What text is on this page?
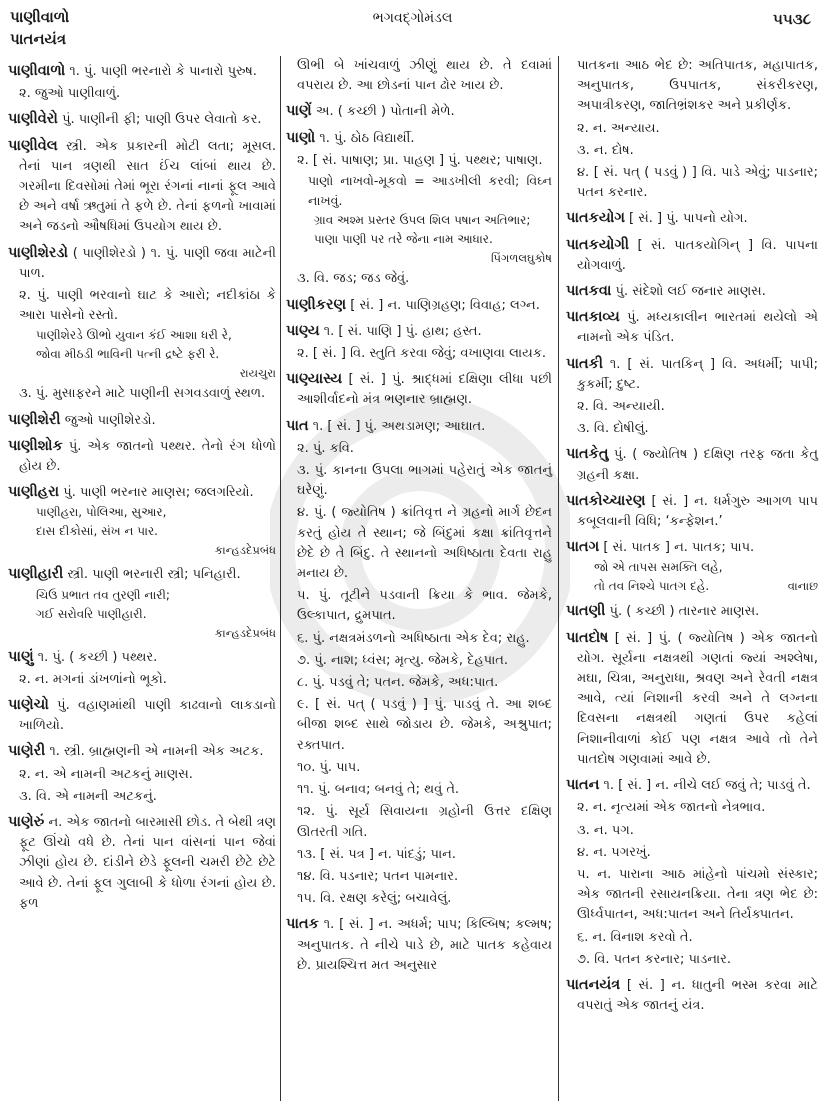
પાણીવાળો
પાતનયંત્ર
ભગવદ્ગોમંડલ	૫૫૩૮

પાણીવાળો ૧. પું. પાણી ભરનારો કે પાનારો પુરુષ.

૨. જુઓ પાણીવાળું.

પાણીવેરો પું. પાણીની ફી; પાણી ઉપર લેવાતો કર.

પાણીવેલ સ્ત્રી. એક પ્રકારની મોટી લતા; મૂસલ. તેનાં પાન ત્રણથી સાત ઈંચ લાંબાં થાય છે. ગરમીના દિવસોમાં તેમાં ભૂરા રંગનાં નાનાં ફૂલ આવે છે અને વર્ષા ઋતુમાં તે ફળે છે. તેનાં ફળનો ખાવામાં અને જડનો ઔષધિમાં ઉપયોગ થાય છે.

પાણીશેરડો ( પાણીશેરડો ) ૧. પું. પાણી જવા માટેની પાળ.

૨. પું. પાણી ભરવાનો ઘાટ કે આરો; નદીકાંઠા કે આરા પાસેનો રસ્તો.

પાણીશેરડે ઊભો યુવાન કંઈ આશા ધરી રે,
જોવા મીઠડી ભાવિની પત્ની દ્રષ્ટે ફરી રે.
રાયચુરા

૩. પું. મુસાફરને માટે પાણીની સગવડવાળું સ્થળ.

પાણીશેરી જુઓ પાણીશેરડો.

પાણીશોક પું. એક જાતનો પથ્થર. તેનો રંગ ધોળો હોય છે.

પાણીહરા પું. પાણી ભરનાર માણસ; જલગરિયો.

પાણીહરા, પોલિઆ, સુઆર,
દાસ દીકોસાં, સંખ ન પાર.
કાન્હડદેપ્રબંધ

પાણીહારી સ્ત્રી. પાણી ભરનારી સ્ત્રી; પનિહારી.

ચિઉ પ્રભાત તવ તુરણી નારી;
ગઈ સરોવરિ પાણીહારી.
કાન્હડદેપ્રબંધ

પાણું ૧. પું. ( કચ્છી ) પથ્થર.

૨. ન. મગનાં ડાંખળાંનો ભૂકો.

પાણેચો પું. વહાણમાંથી પાણી કાઢવાનો લાકડાનો ખાળિયો.

પાણેરી ૧. સ્ત્રી. બ્રાહ્મણની એ નામની એક અટક.

૨. ન. એ નામની અટકનું માણસ.

૩. વિ. એ નામની અટકનું.

પાણેરું ન. એક જાતનો બારમાસી છોડ. તે બેથી ત્રણ ફૂટ ઊંચો વધે છે. તેનાં પાન વાંસનાં પાન જેવાં ઝીણાં હોય છે. દાંડીને છેડે ફૂલની ચમરી છેટે છેટે આવે છે. તેનાં ફૂલ ગુલાબી કે ધોળા રંગનાં હોય છે. ફળ

ઊભી બે ખાંચવાળું ઝીણું થાય છે. તે દવામાં વપરાય છે. આ છોડનાં પાન ઢોર ખાય છે.

પાણેં અ. ( કચ્છી ) પોતાની મેળે.

પાણો ૧. પું. ઠોઠ વિદ્યાર્થી.

૨. [ સં. પાષાણ; પ્રા. પાહણ ] પું. પથ્થર; પાષાણ.

પાણો નાખવો-મૂકવો = આડખીલી કરવી; વિઘ્ન નાખવું.

ગ્રાવ અશ્મ પ્રસ્તર ઉપલ શિલ પષાન અતિભાર;
પાણા પાણી પર તરે જેના નામ આધાર.
પિંગળલઘુકોષ

૩. વિ. જડ; જડ જેવું.

પાણીકરણ [ સં. ] ન. પાણિગ્રહણ; વિવાહ; લગ્ન.

પાણ્ય ૧. [ સં. પાણિ ] પું. હાથ; હસ્ત.

૨. [ સં. ] વિ. સ્તુતિ કરવા જેવું; વખાણવા લાયક.

પાણ્યાસ્ય [ સં. ] પું. શ્રાદ્ધમાં દક્ષિણા લીધા પછી આશીર્વાદનો મંત્ર ભણનાર બ્રાહ્મણ.

પાત ૧. [ સં. ] પું. અથડામણ; આઘાત.

૨. પું. કવિ.

૩. પું. કાનના ઉપલા ભાગમાં પહેરાતું એક જાતનું ઘરેણું.

૪. પું. ( જ્યોતિષ ) ક્રાંતિવૃત્ત ને ગ્રહનો માર્ગ છેદન કરતું હોય તે સ્થાન; જે બિંદુમાં કક્ષા ક્રાંતિવૃત્તને છેદે છે તે બિંદુ. તે સ્થાનનો અધિષ્ઠાતા દેવતા રાહુ મનાય છે.

૫. પું. તૂટીને પડવાની ક્રિયા કે ભાવ. જેમકે, ઉલ્કાપાત, દ્રુમપાત.

૬. પું. નક્ષત્રમંડળનો અધિષ્ઠાતા એક દેવ; રાહુ.

૭. પું. નાશ; ધ્વંસ; મૃત્યુ. જેમકે, દેહપાત.

૮. પું. પડવું તે; પતન. જેમકે, અધ:પાત.

૯. [ સં. પત્ ( પડવું ) ] પું. પાડવું તે. આ શબ્દ બીજા શબ્દ સાથે જોડાય છે. જેમકે, અશ્રુપાત; રક્તપાત.

૧૦. પું. પાપ.

૧૧. પું. બનાવ; બનવું તે; થવું તે.

૧૨. પું. સૂર્ય સિવાયના ગ્રહોની ઉત્તર દક્ષિણ ઊતરતી ગતિ.

૧૩. [ સં. પત્ર ] ન. પાંદડું; પાન.

૧૪. વિ. પડનાર; પતન પામનાર.

૧૫. વિ. રક્ષણ કરેલું; બચાવેલું.

પાતક ૧. [ સં. ] ન. અધર્મ; પાપ; કિલ્બિષ; કલ્મષ; અનુપાતક. તે નીચે પાડે છે, માટે પાતક કહેવાય છે. પ્રાયશ્ચિત્ત મત અનુસાર

પાતકના આઠ ભેદ છે: અતિપાતક, મહાપાતક, અનુપાતક, ઉપપાતક, સંકરીકરણ, અપાત્રીકરણ, જાતિભ્રંશકર અને પ્રકીર્ણક.

૨. ન. અન્યાય.

૩. ન. દોષ.

૪. [ સં. પત્ ( પડવું ) ] વિ. પાડે એવું; પાડનાર; પતન કરનાર.

પાતકયોગ [ સં. ] પું. પાપનો યોગ.

પાતકયોગી [ સં. પાતકયોગિન્ ] વિ. પાપના યોગવાળું.

પાતકવા પું. સંદેશો લઈ જનાર માણસ.

પાતકાવ્ય પું. મધ્યકાલીન ભારતમાં થયેલો એ નામનો એક પંડિત.

પાતકી ૧. [ સં. પાતકિન્ ] વિ. અધર્મી; પાપી; કુકર્મી; દુષ્ટ.

૨. વિ. અન્યાયી.

૩. વિ. દોષીલું.

પાતકેતુ પું. ( જ્યોતિષ ) દક્ષિણ તરફ જતા કેતુ ગ્રહની કક્ષા.

પાતકોચ્ચારણ [ સં. ] ન. ધર્મગુરુ આગળ પાપ કબૂલવાની વિધિ; ‘કન્ફેશન.’

પાતગ [ સં. પાતક ] ન. પાતક; પાપ.

જો એ તાપસ સમક્તિ લહે,
તો તવ નિશ્ચે પાતગ દહે.	વાનાછ

પાતણી પું. ( કચ્છી ) તારનાર માણસ.

પાતદોષ [ સં. ] પું. ( જ્યોતિષ ) એક જાતનો યોગ. સૂર્યના નક્ષત્રથી ગણતાં જ્યાં અશ્લેષા, મઘા, ચિત્રા, અનુરાધા, શ્રવણ અને રેવતી નક્ષત્ર આવે, ત્યાં નિશાની કરવી અને તે લગ્નના દિવસના નક્ષત્રથી ગણતાં ઉપર કહેલાં નિશાનીવાળાં કોઈ પણ નક્ષત્ર આવે તો તેને પાતદોષ ગણવામાં આવે છે.

પાતન ૧. [ સં. ] ન. નીચે લઈ જવું તે; પાડવું તે.

૨. ન. નૃત્યમાં એક જાતનો નેત્રભાવ.

૩. ન. પગ.

૪. ન. પગરખું.

૫. ન. પારાના આઠ માંહેનો પાંચમો સંસ્કાર; એક જાતની રસાયનક્રિયા. તેના ત્રણ ભેદ છે: ઊર્ધ્વપાતન, અધ:પાતન અને તિર્યક્પાતન.

૬. ન. વિનાશ કરવો તે.

૭. વિ. પતન કરનાર; પાડનાર.

પાતનયંત્ર [ સં. ] ન. ધાતુની ભસ્મ કરવા માટે વપરાતું એક જાતનું યંત્ર.
